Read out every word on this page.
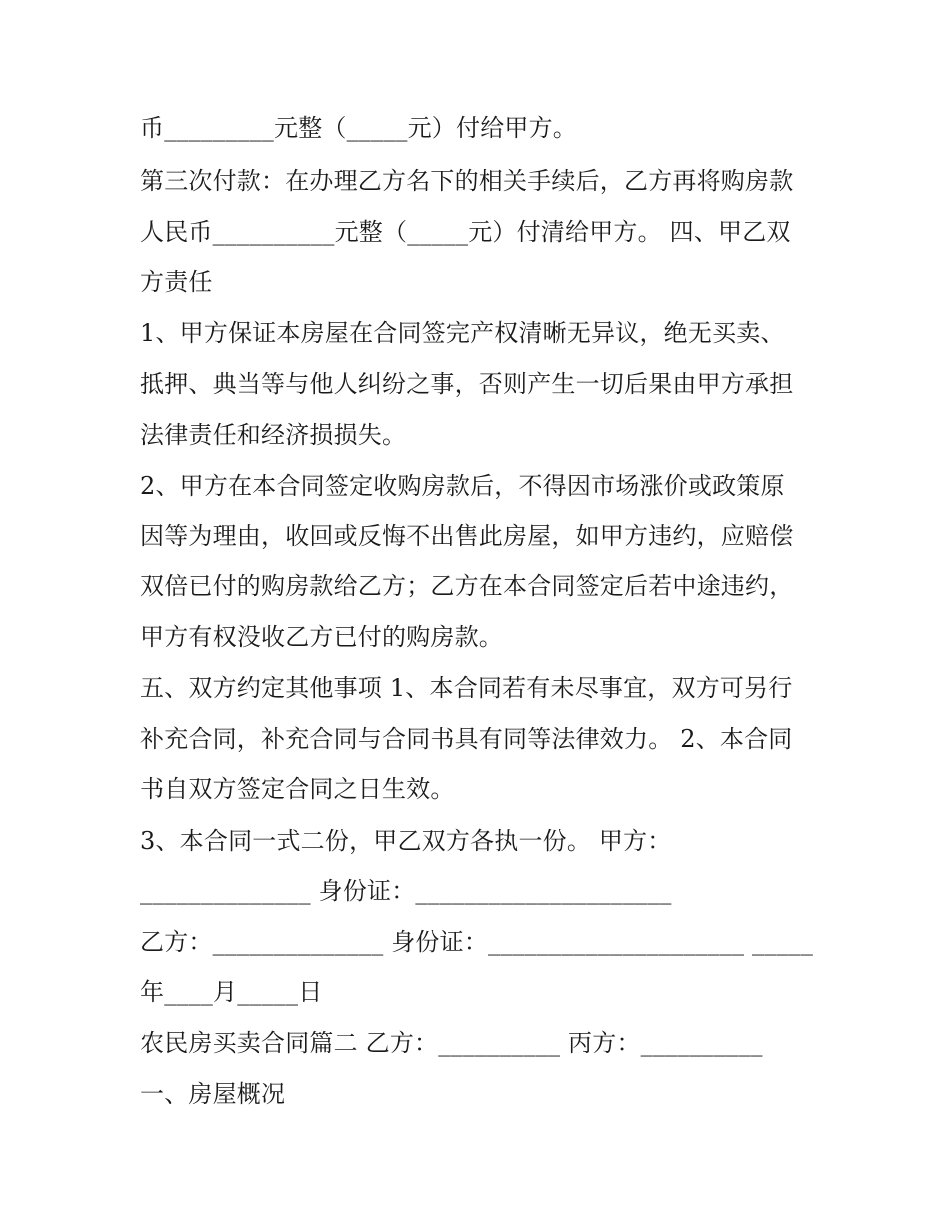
币_________元整（_____元）付给甲方。
第三次付款：在办理乙方名下的相关手续后，乙方再将购房款
人民币__________元整（_____元）付清给甲方。 四、甲乙双
方责任
1、甲方保证本房屋在合同签完产权清晰无异议，绝无买卖、
抵押、典当等与他人纠纷之事，否则产生一切后果由甲方承担
法律责任和经济损损失。
2、甲方在本合同签定收购房款后，不得因市场涨价或政策原
因等为理由，收回或反悔不出售此房屋，如甲方违约，应赔偿
双倍已付的购房款给乙方；乙方在本合同签定后若中途违约，
甲方有权没收乙方已付的购房款。
五、双方约定其他事项 1、本合同若有未尽事宜，双方可另行
补充合同，补充合同与合同书具有同等法律效力。 2、本合同
书自双方签定合同之日生效。
3、本合同一式二份，甲乙双方各执一份。 甲方：
______________ 身份证：_____________________
乙方：______________ 身份证：_____________________ _____
年____月_____日
农民房买卖合同篇二 乙方：__________ 丙方：__________
一、房屋概况
